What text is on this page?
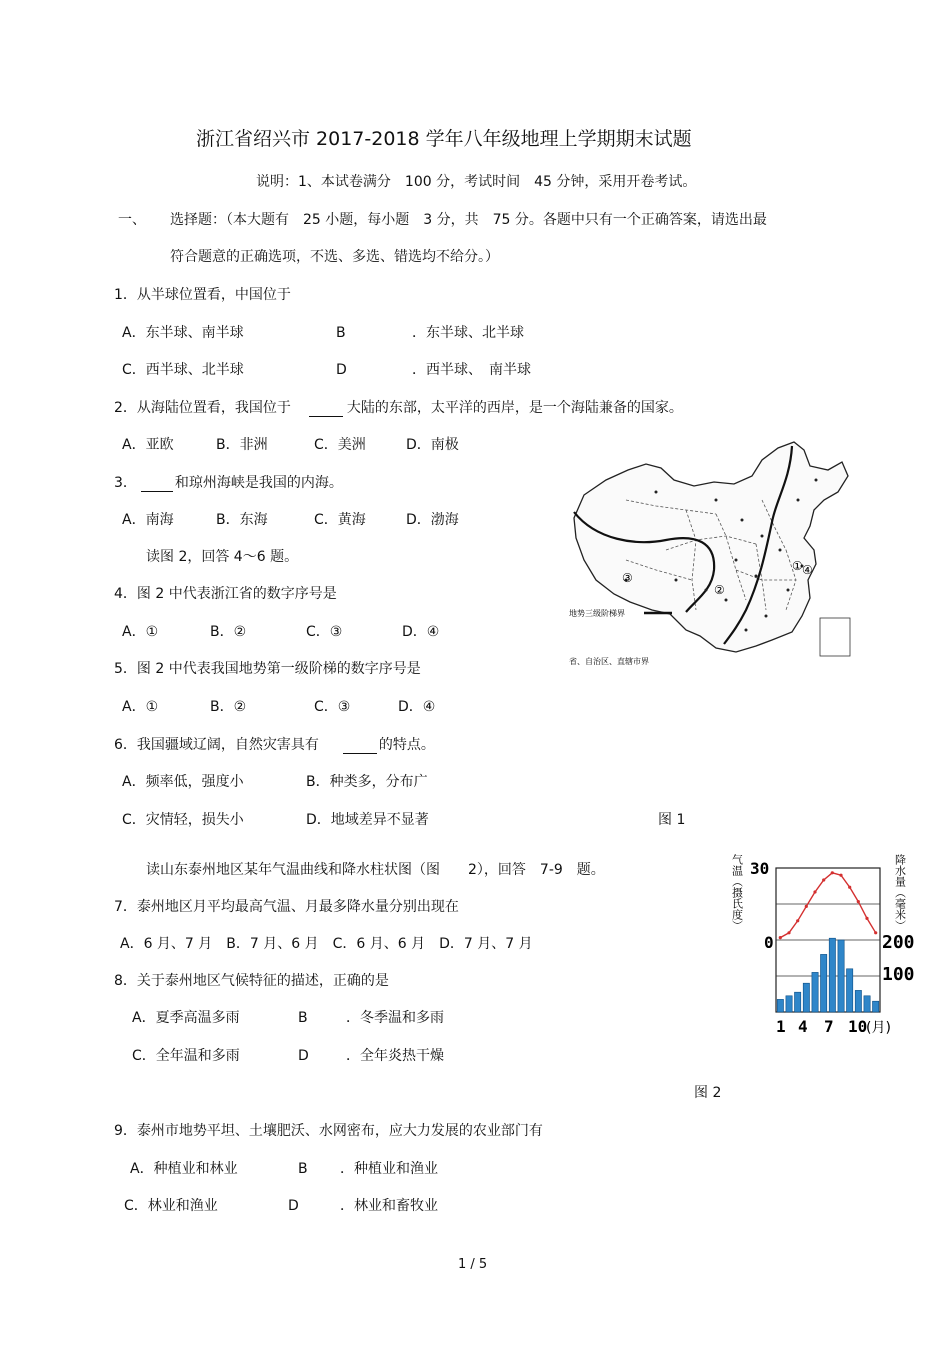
浙江省绍兴市 2017-2018 学年八年级地理上学期期末试题
说明：1、本试卷满分　100 分，考试时间　45 分钟，采用开卷考试。
一、 选择题：（本大题有　25 小题，每小题　3 分，共　75 分。各题中只有一个正确答案，请选出最
符合题意的正确选项，不选、多选、错选均不给分。）
1．从半球位置看，中国位于
A．东半球、南半球	B	．东半球、北半球
C．西半球、北半球	D	．西半球、　南半球
2．从海陆位置看，我国位于	大陆的东部，太平洋的西岸，是一个海陆兼备的国家。
A．亚欧	B．非洲	C．美洲	D．南极
3．	和琼州海峡是我国的内海。
A．南海	B．东海	C．黄海	D．渤海
读图 2，回答 4～6 题。
4．图 2 中代表浙江省的数字序号是
A．①	B．②	C．③	D．④
5．图 2 中代表我国地势第一级阶梯的数字序号是
A．①	B．②	C．③	D．④
6．我国疆域辽阔，自然灾害具有	的特点。
A．频率低，强度小	B．种类多，分布广
C．灾情轻，损失小	D．地域差异不显著
①
②
③
④
地势三级阶梯界
省、自治区、直辖市界
图 1
读山东泰州地区某年气温曲线和降水柱状图（图　　2），回答　7-9　题。
7．泰州地区月平均最高气温、月最多降水量分别出现在
A．6 月、7 月　B．7 月、6 月　C．6 月、6 月　D．7 月、7 月
8．关于泰州地区气候特征的描述，正确的是
A．夏季高温多雨	B	．冬季温和多雨
C．全年温和多雨	D	．全年炎热干燥
图 2
9．泰州市地势平坦、土壤肥沃、水网密布，应大力发展的农业部门有
A．种植业和林业	B ．种植业和渔业
C．林业和渔业	D	．林业和畜牧业
气温（摄氏度）	降水量（毫米）
30
0	200
100
1 4 7 10
(月)
1 / 5
